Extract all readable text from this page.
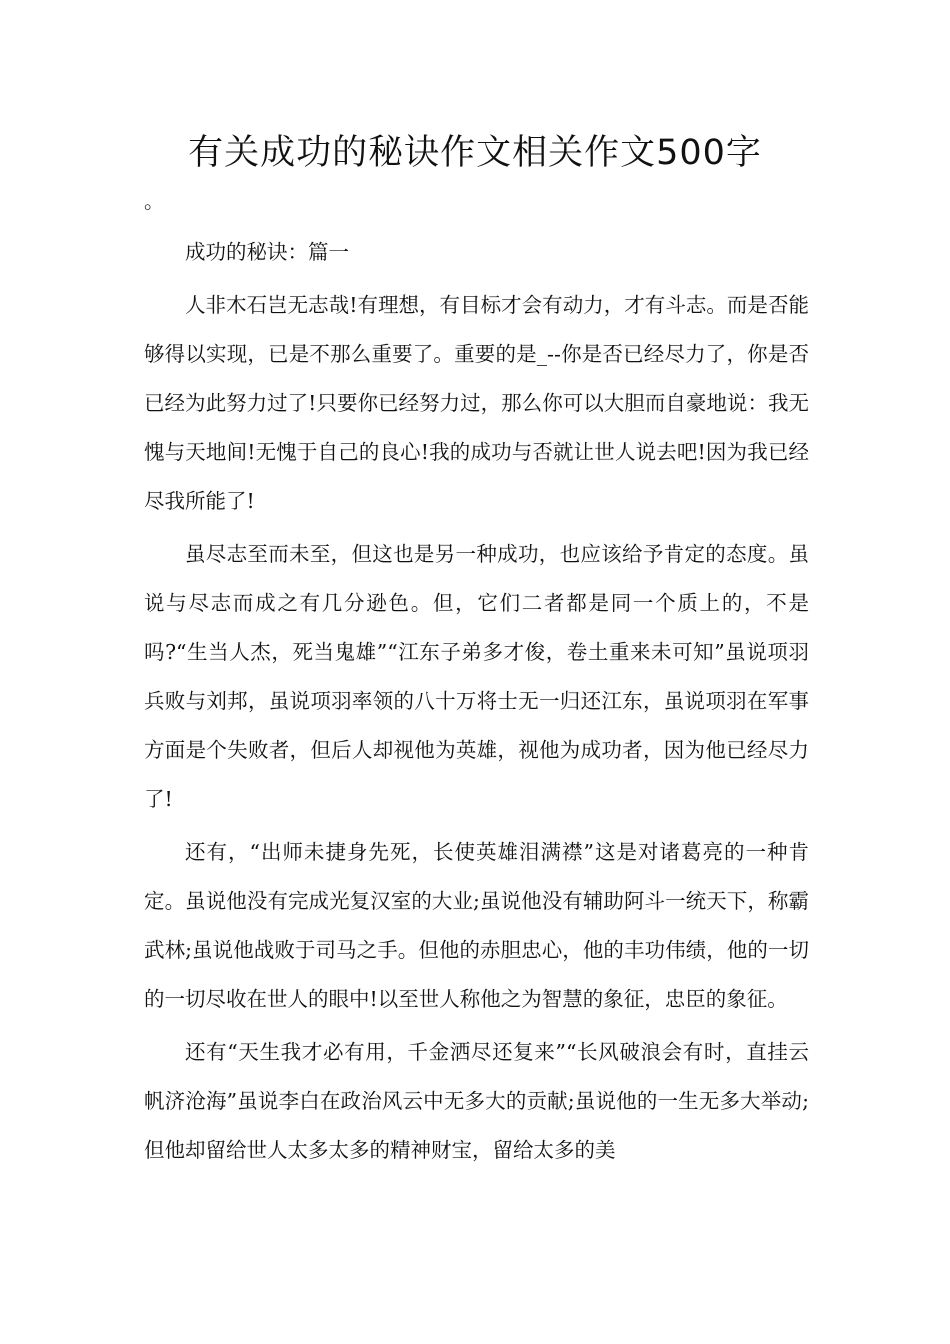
有关成功的秘诀作文相关作文500字
。

成功的秘诀：篇一

人非木石岂无志哉!有理想，有目标才会有动力，才有斗志。而是否能够得以实现，已是不那么重要了。重要的是_--你是否已经尽力了，你是否已经为此努力过了!只要你已经努力过，那么你可以大胆而自豪地说：我无愧与天地间!无愧于自己的良心!我的成功与否就让世人说去吧!因为我已经尽我所能了!

虽尽志至而未至，但这也是另一种成功，也应该给予肯定的态度。虽说与尽志而成之有几分逊色。但，它们二者都是同一个质上的，不是吗?“生当人杰，死当鬼雄”“江东子弟多才俊，卷土重来未可知”虽说项羽兵败与刘邦，虽说项羽率领的八十万将士无一归还江东，虽说项羽在军事方面是个失败者，但后人却视他为英雄，视他为成功者，因为他已经尽力了!

还有，“出师未捷身先死，长使英雄泪满襟”这是对诸葛亮的一种肯定。虽说他没有完成光复汉室的大业;虽说他没有辅助阿斗一统天下，称霸武林;虽说他战败于司马之手。但他的赤胆忠心，他的丰功伟绩，他的一切的一切尽收在世人的眼中!以至世人称他之为智慧的象征，忠臣的象征。

还有“天生我才必有用，千金洒尽还复来”“长风破浪会有时，直挂云帆济沧海”虽说李白在政治风云中无多大的贡献;虽说他的一生无多大举动;但他却留给世人太多太多的精神财宝，留给太多的美
